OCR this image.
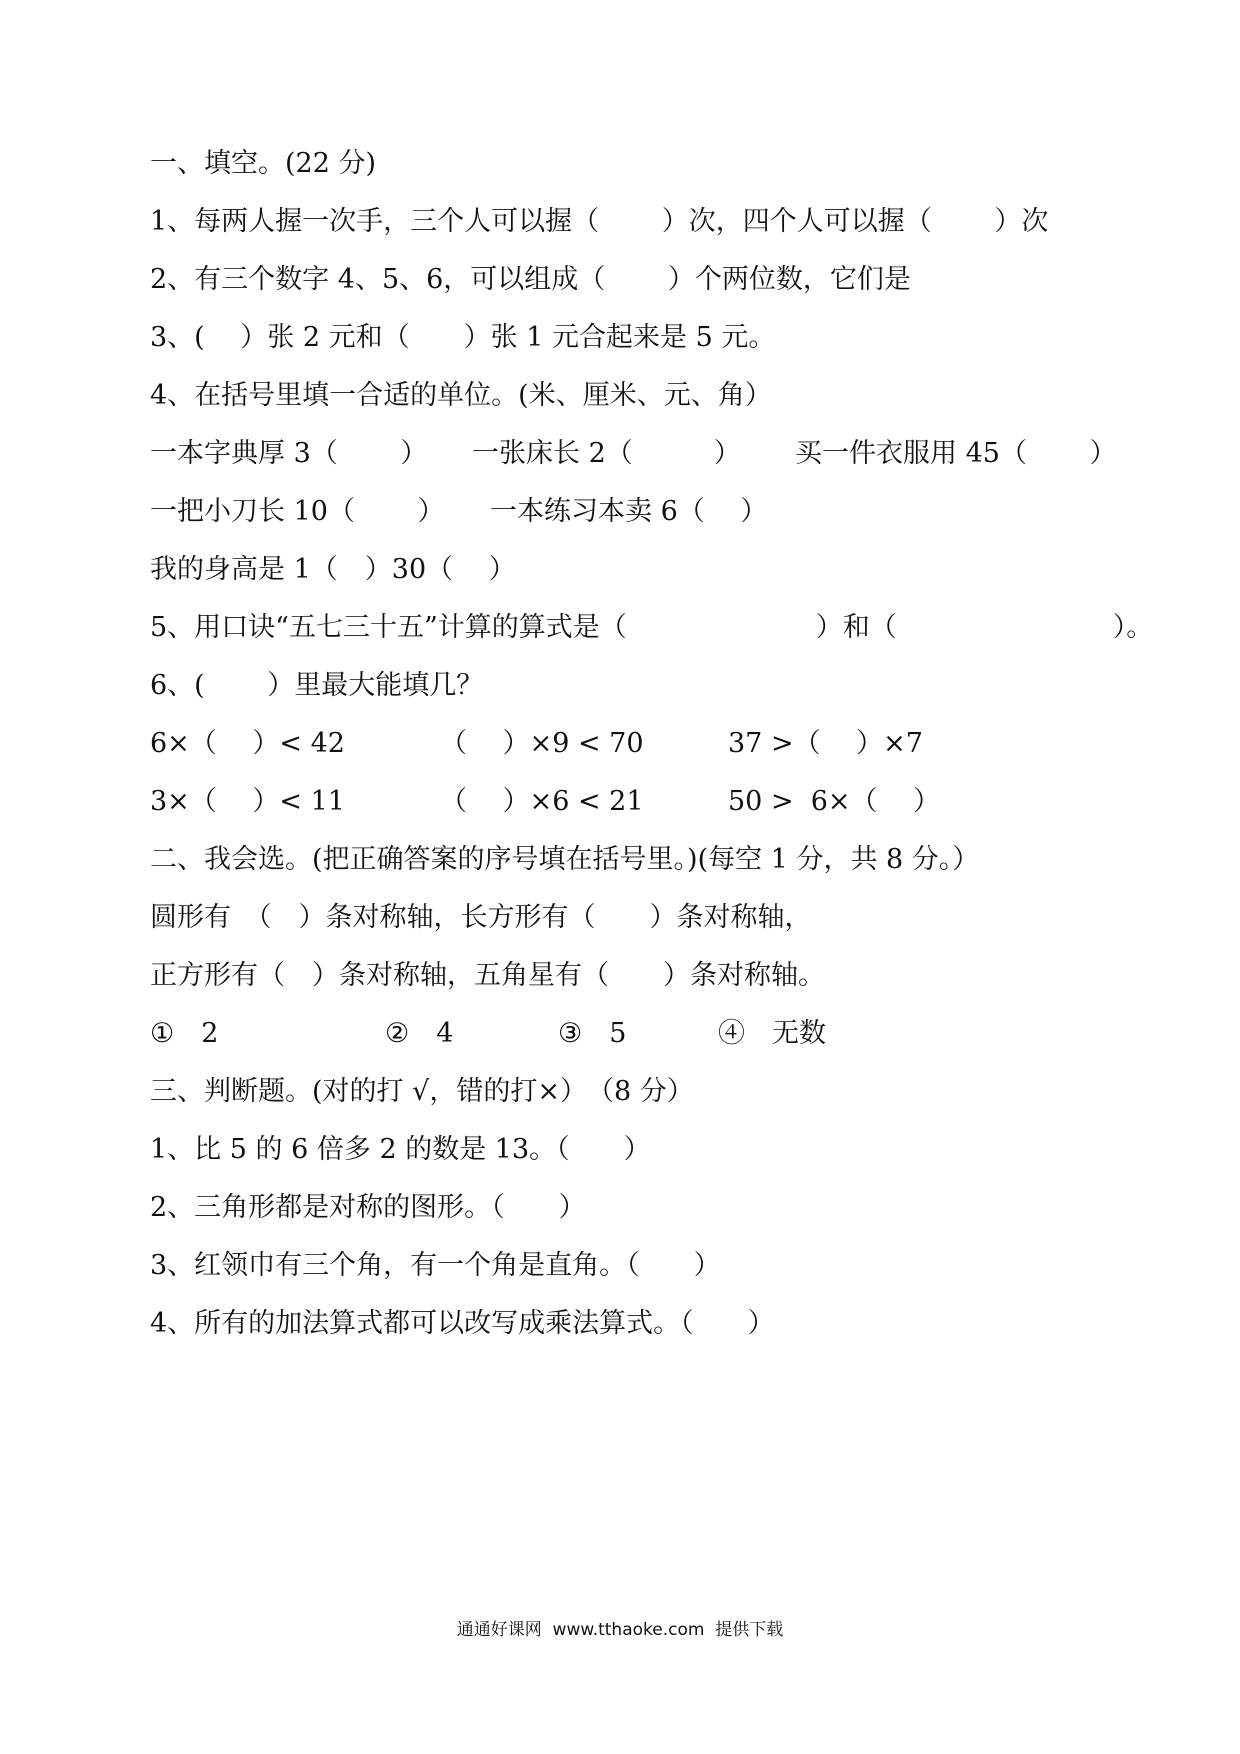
一、填空。(22 分)
1、每两人握一次手，三个人可以握（　　 ）次，四个人可以握（　　 ）次
2、有三个数字 4、5、6，可以组成（　　 ）个两位数，它们是
3、(　 ）张 2 元和（　　）张 1 元合起来是 5 元。
4、在括号里填一合适的单位。(米、厘米、元、角）
一本字典厚 3（　　 ） 一张床长 2（　　　） 买一件衣服用 45（　　 ）
一把小刀长 10（　　 ） 一本练习本卖 6（　 ）
我的身高是 1（　）30（　 ）
5、用口诀“五七三十五”计算的算式是（　　　　　　　）和（　　　　　　　　）。
6、(　　 ）里最大能填几？
6×（　 ）< 42	（　 ）×9 < 70	37 >（　 ）×7
3×（　 ）< 11	（　 ）×6 < 21	50 >  6×（　 ）
二、我会选。(把正确答案的序号填在括号里。)(每空 1 分，共 8 分。）
圆形有　（　）条对称轴，长方形有（　　）条对称轴，
正方形有（　）条对称轴，五角星有（　　）条对称轴。
①　2	②　4	③　5	④　无数
三、判断题。(对的打 √，错的打×）　（8 分）
1、比 5 的 6 倍多 2 的数是 13。（　　）
2、三角形都是对称的图形。（　　）
3、红领巾有三个角，有一个角是直角。（　　）
4、所有的加法算式都可以改写成乘法算式。（　　）
通通好课网  www.tthaoke.com  提供下载
